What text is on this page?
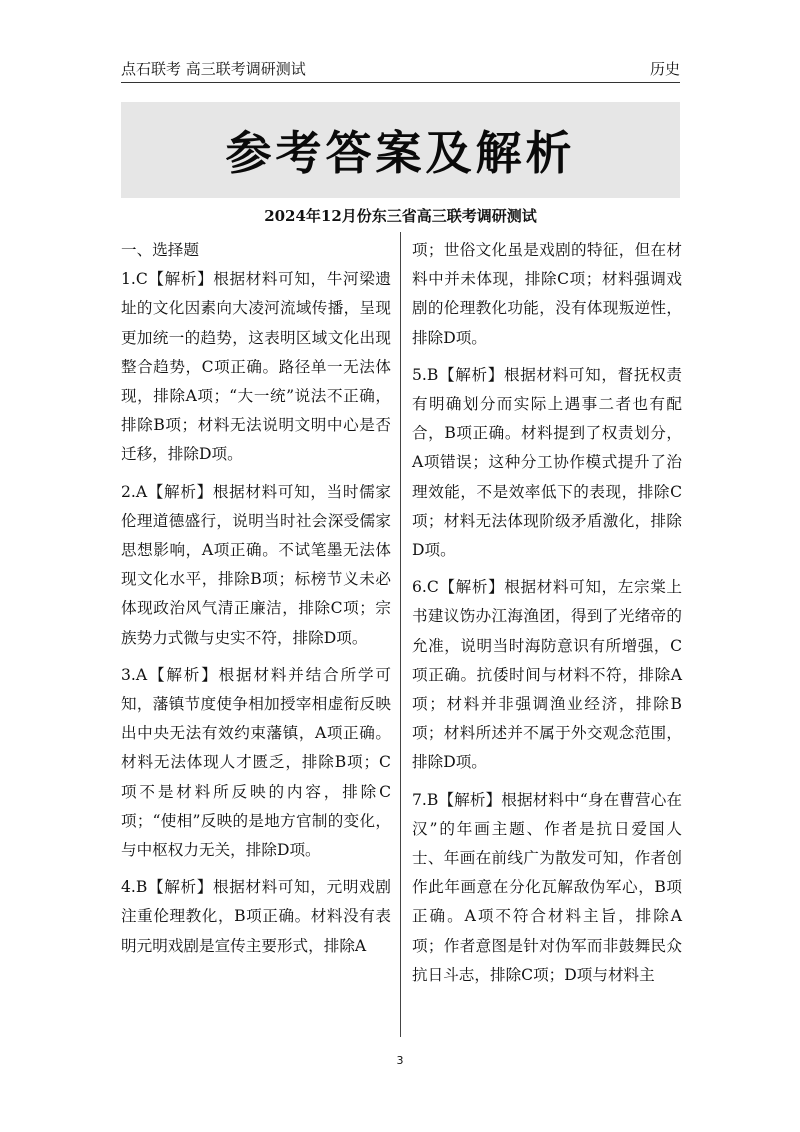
点石联考 高三联考调研测试	历史
参考答案及解析
2024年12月份东三省高三联考调研测试

一、选择题

1.C【解析】根据材料可知，牛河梁遗址的文化因素向大凌河流域传播，呈现更加统一的趋势，这表明区域文化出现整合趋势，C项正确。路径单一无法体现，排除A项；“大一统”说法不正确，排除B项；材料无法说明文明中心是否迁移，排除D项。

2.A【解析】根据材料可知，当时儒家伦理道德盛行，说明当时社会深受儒家思想影响，A项正确。不试笔墨无法体现文化水平，排除B项；标榜节义未必体现政治风气清正廉洁，排除C项；宗族势力式微与史实不符，排除D项。

3.A【解析】根据材料并结合所学可知，藩镇节度使争相加授宰相虚衔反映出中央无法有效约束藩镇，A项正确。材料无法体现人才匮乏，排除B项；C项不是材料所反映的内容，排除C项；“使相”反映的是地方官制的变化，与中枢权力无关，排除D项。

4.B【解析】根据材料可知，元明戏剧注重伦理教化，B项正确。材料没有表明元明戏剧是宣传主要形式，排除A

项；世俗文化虽是戏剧的特征，但在材料中并未体现，排除C项；材料强调戏剧的伦理教化功能，没有体现叛逆性，排除D项。

5.B【解析】根据材料可知，督抚权责有明确划分而实际上遇事二者也有配合，B项正确。材料提到了权责划分，A项错误；这种分工协作模式提升了治理效能，不是效率低下的表现，排除C项；材料无法体现阶级矛盾激化，排除D项。

6.C【解析】根据材料可知，左宗棠上书建议饬办江海渔团，得到了光绪帝的允准，说明当时海防意识有所增强，C项正确。抗倭时间与材料不符，排除A项；材料并非强调渔业经济，排除B项；材料所述并不属于外交观念范围，排除D项。

7.B【解析】根据材料中“身在曹营心在汉”的年画主题、作者是抗日爱国人士、年画在前线广为散发可知，作者创作此年画意在分化瓦解敌伪军心，B项正确。A项不符合材料主旨，排除A项；作者意图是针对伪军而非鼓舞民众抗日斗志，排除C项；D项与材料主

3
